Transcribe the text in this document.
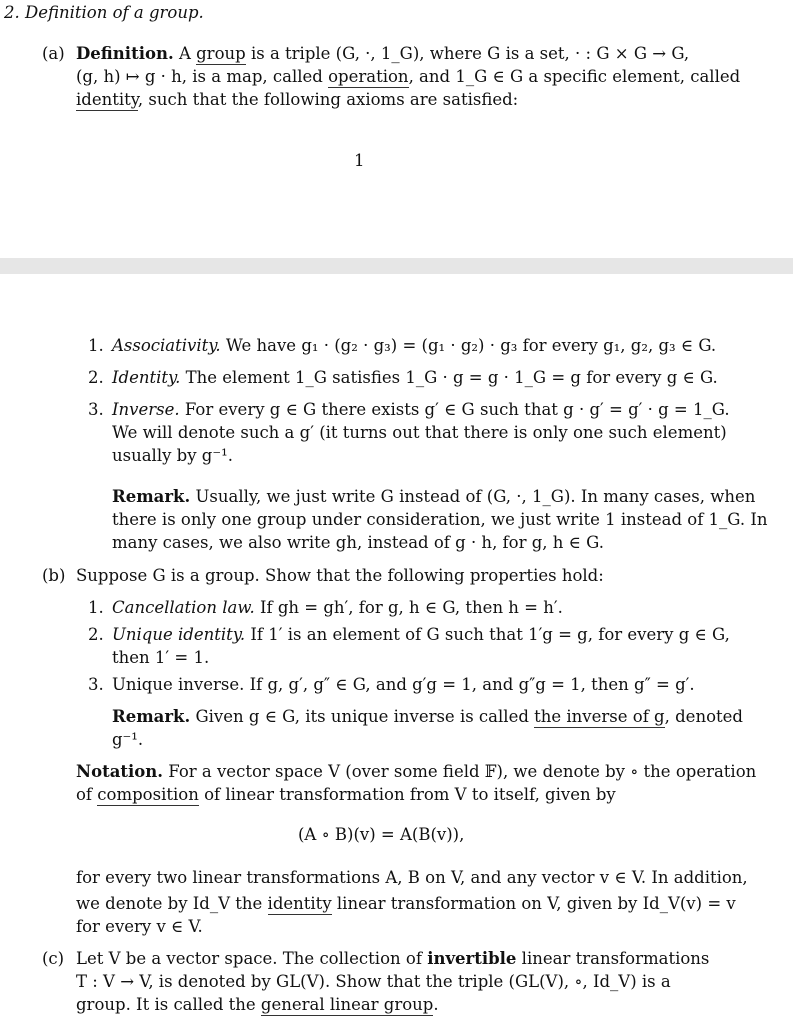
2. Definition of a group.
(a) Definition. A group is a triple (G, ·, 1_G), where G is a set, · : G × G → G,
(g, h) ↦ g · h, is a map, called operation, and 1_G ∈ G a specific element, called
identity, such that the following axioms are satisfied:
1
1. Associativity. We have g₁ · (g₂ · g₃) = (g₁ · g₂) · g₃ for every g₁, g₂, g₃ ∈ G.
2. Identity. The element 1_G satisfies 1_G · g = g · 1_G = g for every g ∈ G.
3. Inverse. For every g ∈ G there exists g′ ∈ G such that g · g′ = g′ · g = 1_G.
We will denote such a g′ (it turns out that there is only one such element)
usually by g⁻¹.
Remark. Usually, we just write G instead of (G, ·, 1_G). In many cases, when
there is only one group under consideration, we just write 1 instead of 1_G. In
many cases, we also write gh, instead of g · h, for g, h ∈ G.
(b) Suppose G is a group. Show that the following properties hold:
1. Cancellation law. If gh = gh′, for g, h ∈ G, then h = h′.
2. Unique identity. If 1′ is an element of G such that 1′g = g, for every g ∈ G,
then 1′ = 1.
3. Unique inverse. If g, g′, g″ ∈ G, and g′g = 1, and g″g = 1, then g″ = g′.
Remark. Given g ∈ G, its unique inverse is called the inverse of g, denoted
g⁻¹.
Notation. For a vector space V (over some field 𝔽), we denote by ∘ the operation
of composition of linear transformation from V to itself, given by
(A ∘ B)(v) = A(B(v)),
for every two linear transformations A, B on V, and any vector v ∈ V. In addition,
we denote by Id_V the identity linear transformation on V, given by Id_V(v) = v
for every v ∈ V.
(c) Let V be a vector space. The collection of invertible linear transformations
T : V → V, is denoted by GL(V). Show that the triple (GL(V), ∘, Id_V) is a
group. It is called the general linear group.
